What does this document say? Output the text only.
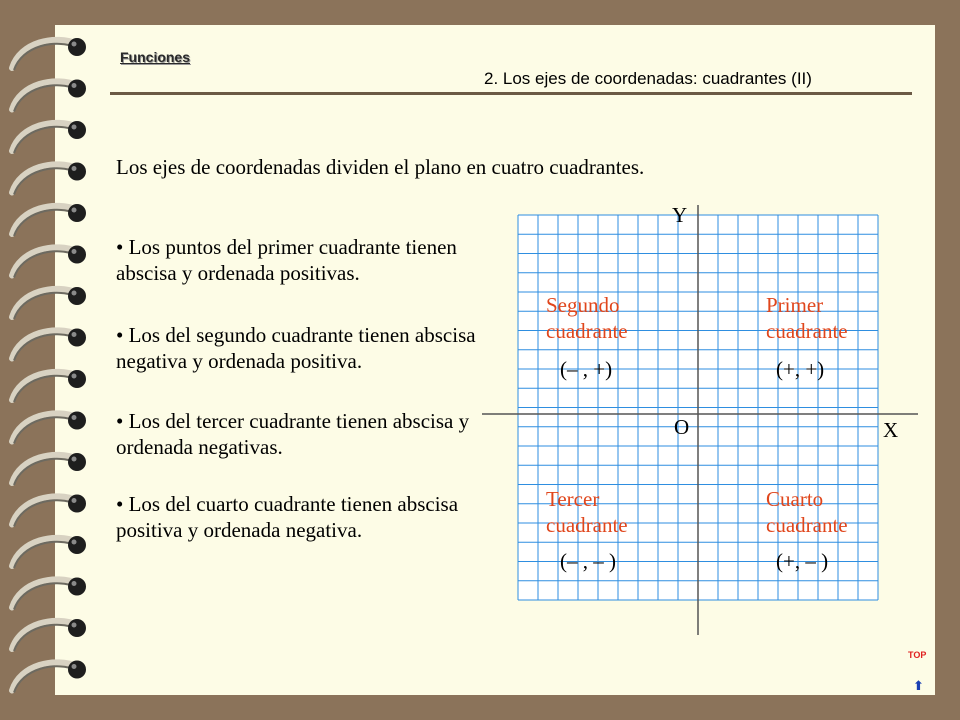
Funciones
2. Los ejes de coordenadas: cuadrantes (II)
Los ejes de coordenadas dividen el plano en cuatro cuadrantes.
• Los puntos del primer cuadrante tienen abscisa y ordenada positivas.
• Los del segundo cuadrante tienen abscisa negativa y ordenada positiva.
• Los del tercer cuadrante tienen abscisa y ordenada negativas.
• Los del cuarto cuadrante tienen abscisa positiva y ordenada negativa.
Y
X
O
Segundo cuadrante
Primer cuadrante
Tercer cuadrante
Cuarto cuadrante
(– , +)	(+, +)
(– , – )	(+, – )
TOP
⬆
